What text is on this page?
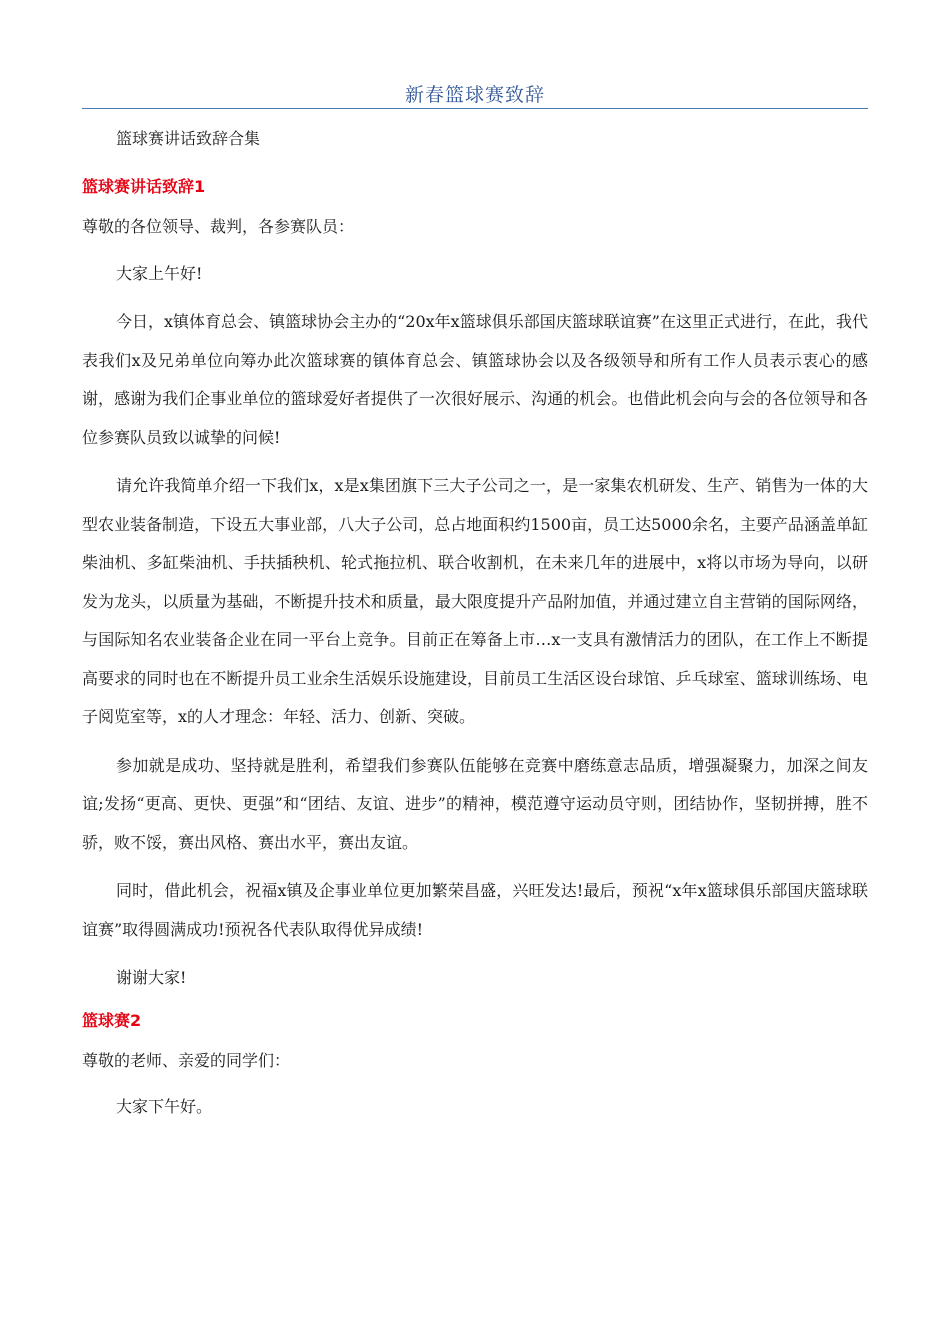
新春篮球赛致辞

篮球赛讲话致辞合集

篮球赛讲话致辞1

尊敬的各位领导、裁判，各参赛队员：

大家上午好!

今日，x镇体育总会、镇篮球协会主办的“20x年x篮球俱乐部国庆篮球联谊赛”在这里正式进行，在此，我代表我们x及兄弟单位向筹办此次篮球赛的镇体育总会、镇篮球协会以及各级领导和所有工作人员表示衷心的感谢，感谢为我们企事业单位的篮球爱好者提供了一次很好展示、沟通的机会。也借此机会向与会的各位领导和各位参赛队员致以诚挚的问候!

请允许我简单介绍一下我们x，x是x集团旗下三大子公司之一，是一家集农机研发、生产、销售为一体的大型农业装备制造，下设五大事业部，八大子公司，总占地面积约1500亩，员工达5000余名，主要产品涵盖单缸柴油机、多缸柴油机、手扶插秧机、轮式拖拉机、联合收割机，在未来几年的进展中，x将以市场为导向，以研发为龙头，以质量为基础，不断提升技术和质量，最大限度提升产品附加值，并通过建立自主营销的国际网络，与国际知名农业装备企业在同一平台上竞争。目前正在筹备上市…x一支具有激情活力的团队，在工作上不断提高要求的同时也在不断提升员工业余生活娱乐设施建设，目前员工生活区设台球馆、乒乓球室、篮球训练场、电子阅览室等，x的人才理念：年轻、活力、创新、突破。

参加就是成功、坚持就是胜利，希望我们参赛队伍能够在竞赛中磨练意志品质，增强凝聚力，加深之间友谊;发扬“更高、更快、更强”和“团结、友谊、进步”的精神，模范遵守运动员守则，团结协作，坚韧拼搏，胜不骄，败不馁，赛出风格、赛出水平，赛出友谊。

同时，借此机会，祝福x镇及企事业单位更加繁荣昌盛，兴旺发达!最后，预祝“x年x篮球俱乐部国庆篮球联谊赛”取得圆满成功!预祝各代表队取得优异成绩!

谢谢大家!

篮球赛2

尊敬的老师、亲爱的同学们：

大家下午好。
